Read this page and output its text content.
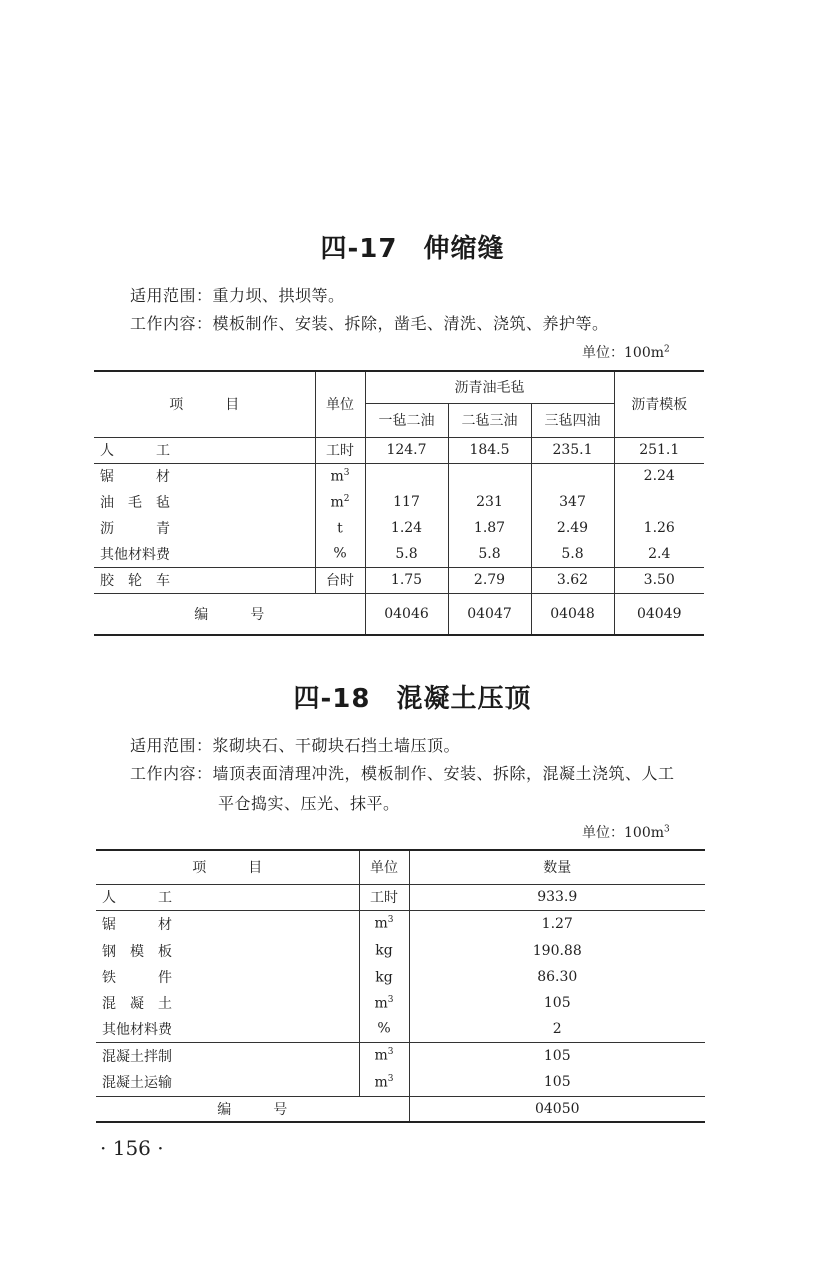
四-17 伸缩缝
适用范围：重力坝、拱坝等。
工作内容：模板制作、安装、拆除，凿毛、清洗、浇筑、养护等。
单位：$100m^2$
项　　　目	单位	沥青油毛毡			沥青模板
		一毡二油	二毡三油	三毡四油	
人　　　工	工时	124.7	184.5	235.1	251.1
锯　　　材	$m^3$				2.24
油　毛　毡	$m^2$	117	231	347	
沥　　　青	t	1.24	1.87	2.49	1.26
其他材料费	%	5.8	5.8	5.8	2.4
胶　轮　车	台时	1.75	2.79	3.62	3.50
编　　　号		04046	04047	04048	04049
四-18 混凝土压顶
适用范围：浆砌块石、干砌块石挡土墙压顶。
工作内容：墙顶表面清理冲洗，模板制作、安装、拆除，混凝土浇筑、人工
平仓捣实、压光、抹平。
单位：$100m^3$
项　　　目	单位	数量
人　　　工	工时	933.9
锯　　　材	$m^3$	1.27
钢　模　板	kg	190.88
铁　　　件	kg	86.30
混　凝　土	$m^3$	105
其他材料费	%	2
混凝土拌制	$m^3$	105
混凝土运输	$m^3$	105
编　　　号		04050
· 156 ·
